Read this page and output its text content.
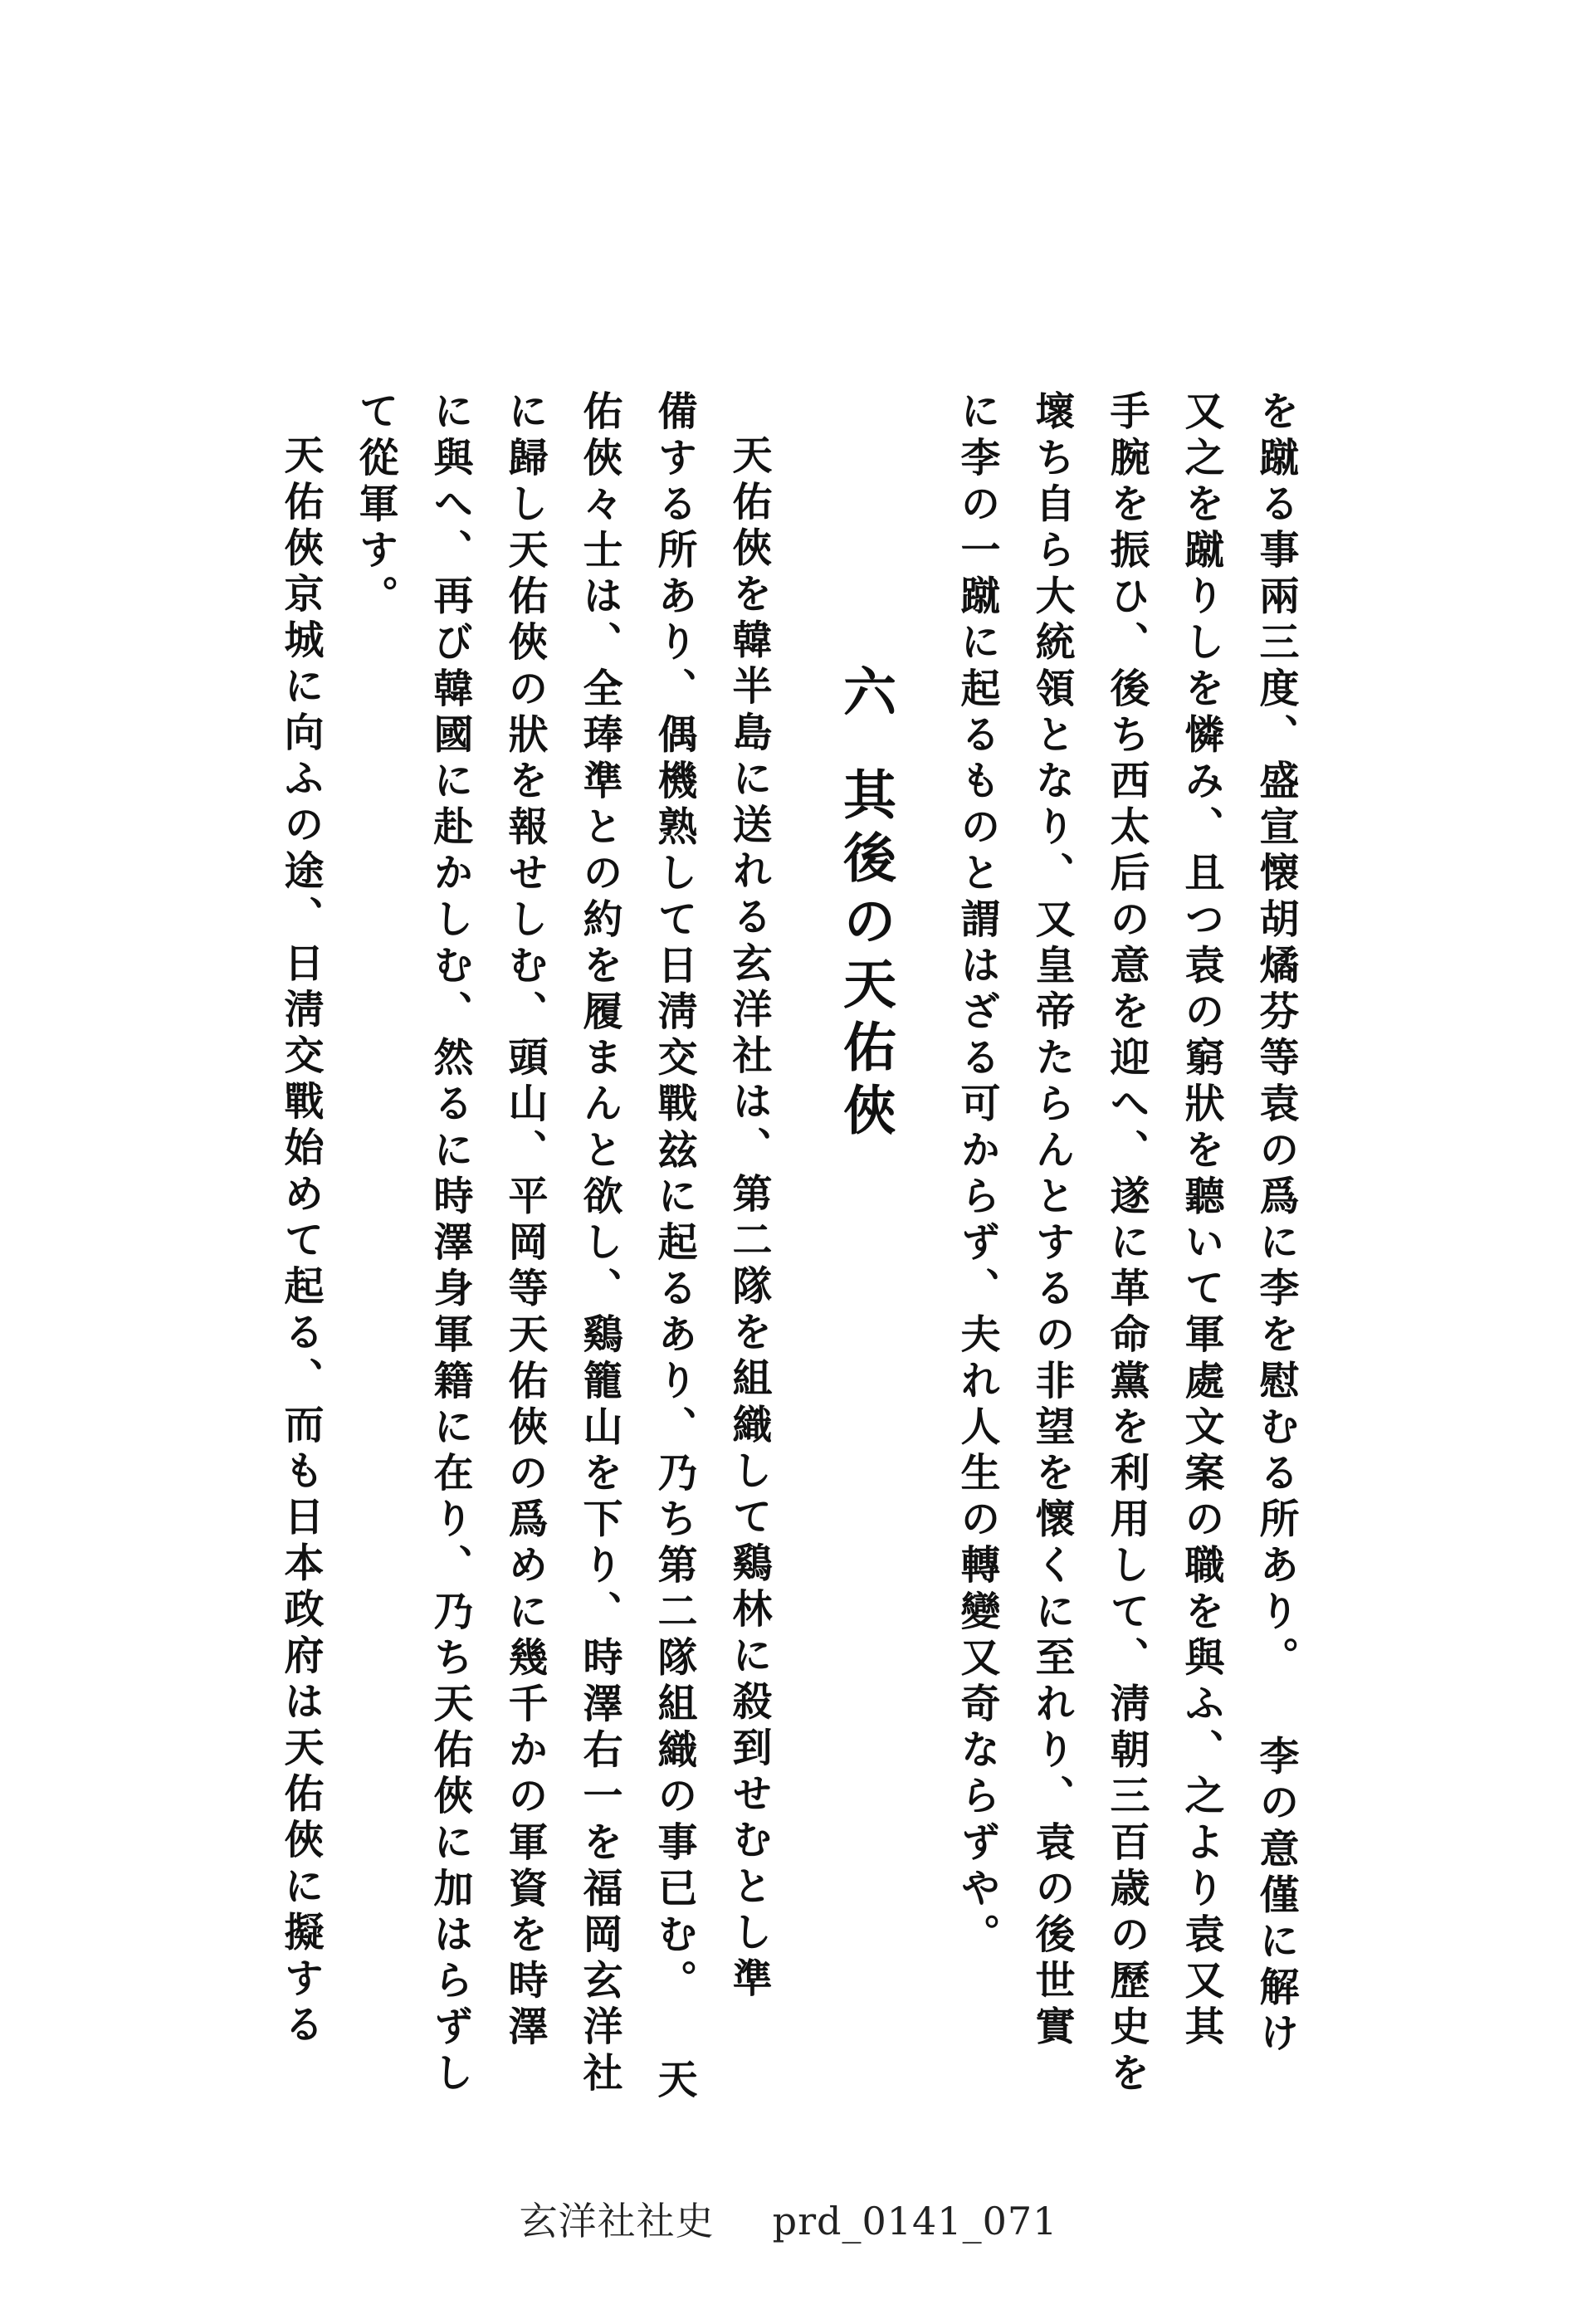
を蹴る事兩三度、盛宣懐胡燏芬等袁の爲に李を慰むる所あり。 李の意僅に解け
又之を蹴りしを憐み、且つ袁の窮狀を聽いて軍處文案の職を與ふ、之より袁又其
手腕を振ひ、後ち西太后の意を迎へ、遂に革命黨を利用して、淸朝三百歳の歷史を
壞ち自ら大統領となり、又皇帝たらんとするの非望を懷くに至れり、袁の後世實
に李の一蹴に起るものと謂はざる可からず、夫れ人生の轉變又奇ならずや。
六其後の天佑俠
天佑俠を韓半島に送れる玄洋社は、第二隊を組織して鷄林に殺到せむとし準
備する所あり、偶機熟して日淸交戰玆に起るあり、乃ち第二隊組織の事已む。 天
佑俠々士は、全琫準との約を履まんと欲し、鷄籠山を下り、時澤右一を福岡玄洋社
に歸し天佑俠の狀を報せしむ、頭山、平岡等天佑俠の爲めに幾千かの軍資を時澤
に與へ、再び韓國に赴かしむ、然るに時澤身軍籍に在り、乃ち天佑俠に加はらずし
て從軍す。
天佑俠京城に向ふの途、日淸交戰始めて起る、而も日本政府は天佑俠に擬する
玄洋社社史 prd_0141_071
